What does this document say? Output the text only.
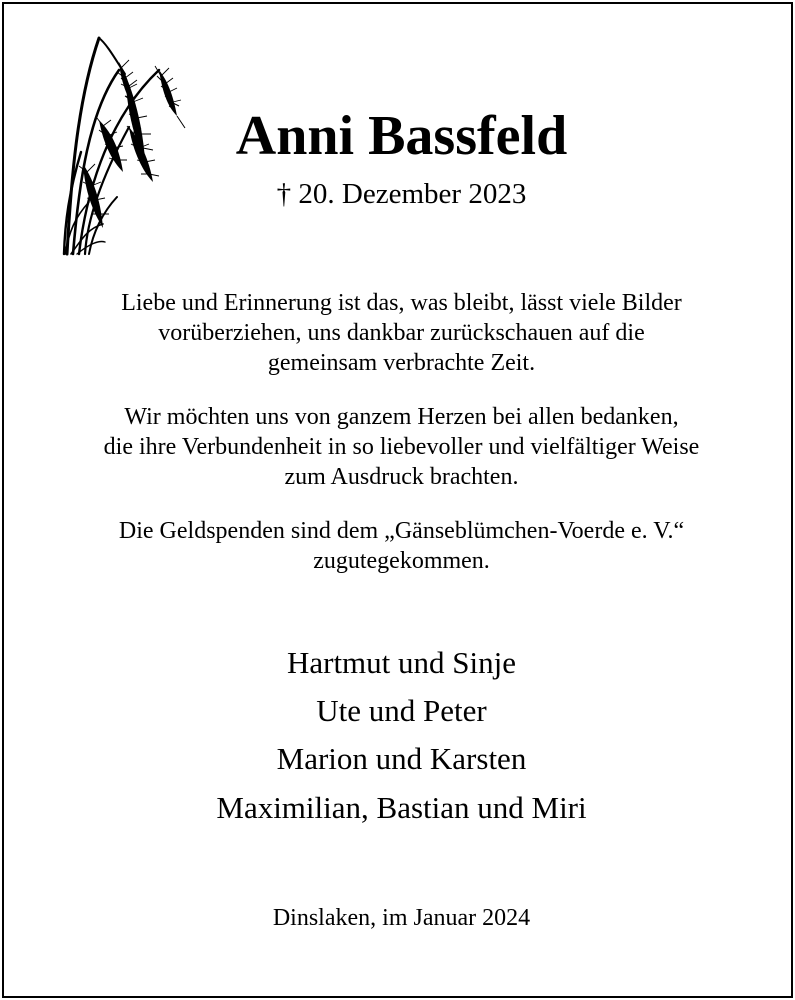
Anni Bassfeld
† 20. Dezember 2023

Liebe und Erinnerung ist das, was bleibt, lässt viele Bilder
vorüberziehen, uns dankbar zurückschauen auf die
gemeinsam verbrachte Zeit.

Wir möchten uns von ganzem Herzen bei allen bedanken,
die ihre Verbundenheit in so liebevoller und vielfältiger Weise
zum Ausdruck brachten.

Die Geldspenden sind dem „Gänseblümchen-Voerde e. V.“
zugutegekommen.

Hartmut und Sinje
Ute und Peter
Marion und Karsten
Maximilian, Bastian und Miri
Dinslaken, im Januar 2024
